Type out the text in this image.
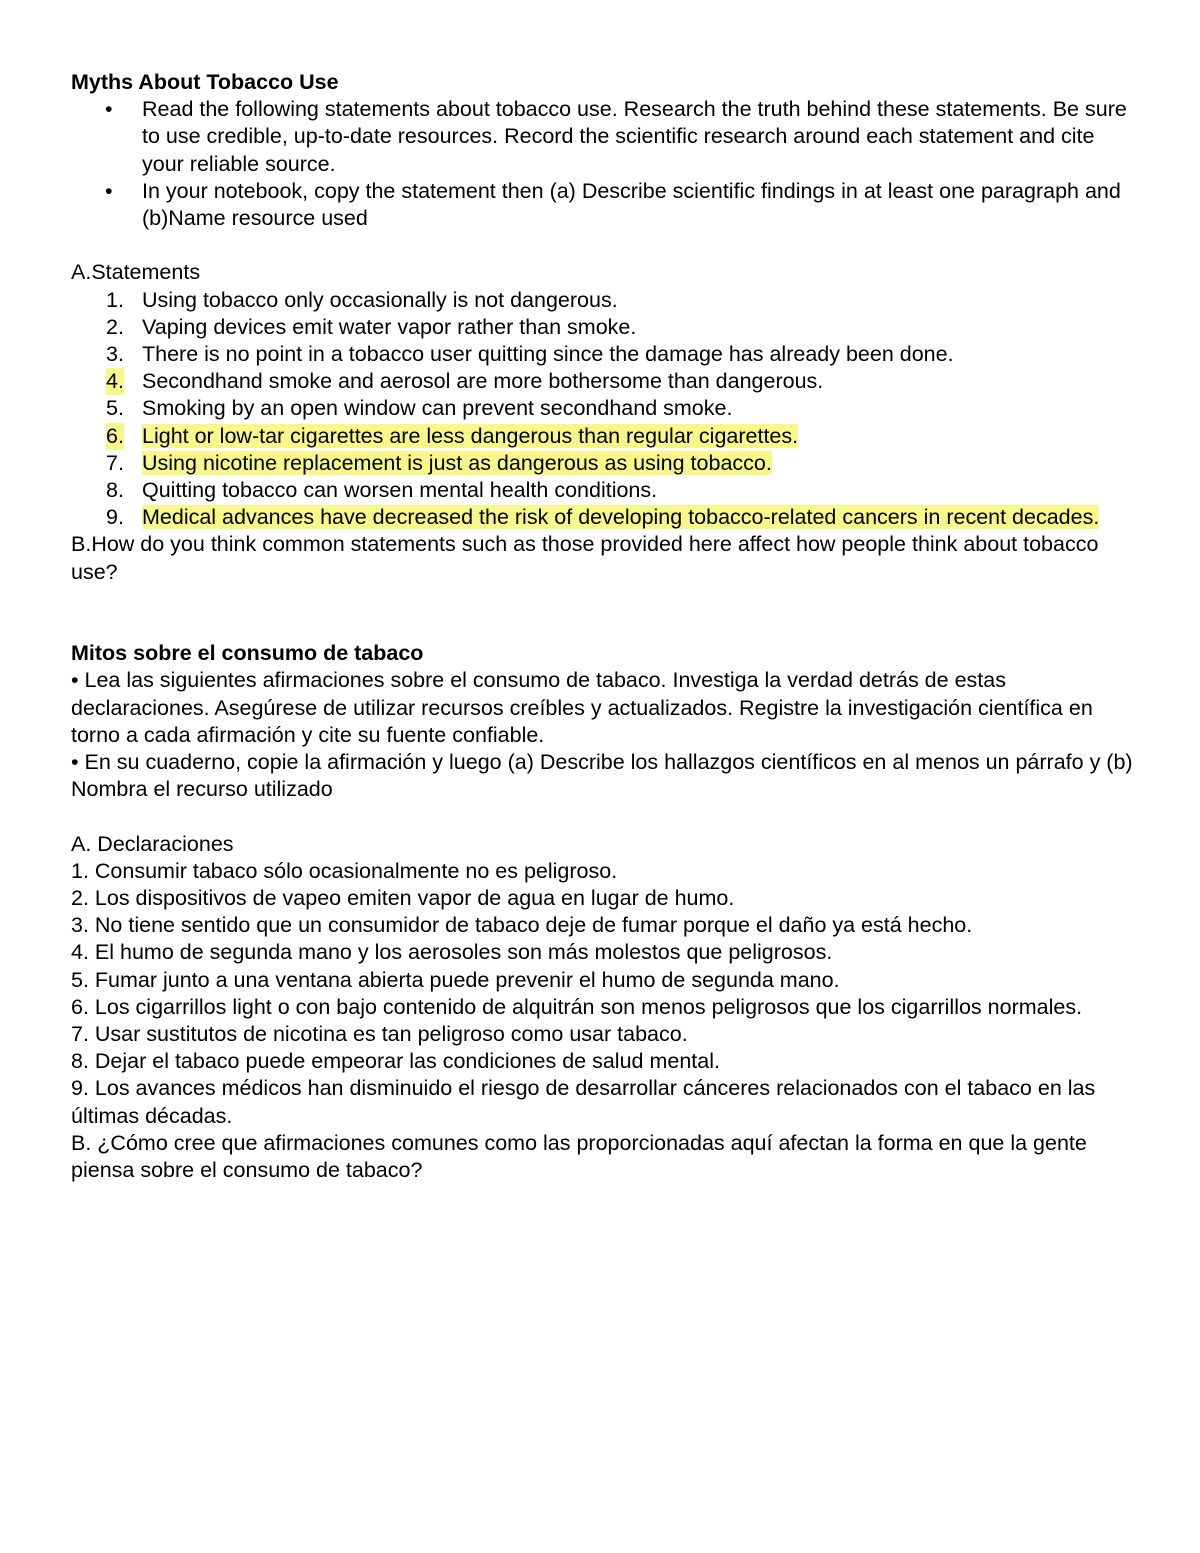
Myths About Tobacco Use

• Read the following statements about tobacco use. Research the truth behind these statements. Be sure to use credible, up-to-date resources. Record the scientific research around each statement and cite your reliable source.
• In your notebook, copy the statement then (a) Describe scientific findings in at least one paragraph and (b)Name resource used

A.Statements

1. Using tobacco only occasionally is not dangerous.
2. Vaping devices emit water vapor rather than smoke.
3. There is no point in a tobacco user quitting since the damage has already been done.
4. Secondhand smoke and aerosol are more bothersome than dangerous.
5. Smoking by an open window can prevent secondhand smoke.
6. Light or low-tar cigarettes are less dangerous than regular cigarettes.
7. Using nicotine replacement is just as dangerous as using tobacco.
8. Quitting tobacco can worsen mental health conditions.
9. Medical advances have decreased the risk of developing tobacco-related cancers in recent decades.

B.How do you think common statements such as those provided here affect how people think about tobacco use?

Mitos sobre el consumo de tabaco

• Lea las siguientes afirmaciones sobre el consumo de tabaco. Investiga la verdad detrás de estas declaraciones. Asegúrese de utilizar recursos creíbles y actualizados. Registre la investigación científica en torno a cada afirmación y cite su fuente confiable.

• En su cuaderno, copie la afirmación y luego (a) Describe los hallazgos científicos en al menos un párrafo y (b) Nombra el recurso utilizado

A. Declaraciones

1. Consumir tabaco sólo ocasionalmente no es peligroso.

2. Los dispositivos de vapeo emiten vapor de agua en lugar de humo.

3. No tiene sentido que un consumidor de tabaco deje de fumar porque el daño ya está hecho.

4. El humo de segunda mano y los aerosoles son más molestos que peligrosos.

5. Fumar junto a una ventana abierta puede prevenir el humo de segunda mano.

6. Los cigarrillos light o con bajo contenido de alquitrán son menos peligrosos que los cigarrillos normales.

7. Usar sustitutos de nicotina es tan peligroso como usar tabaco.

8. Dejar el tabaco puede empeorar las condiciones de salud mental.

9. Los avances médicos han disminuido el riesgo de desarrollar cánceres relacionados con el tabaco en las últimas décadas.

B. ¿Cómo cree que afirmaciones comunes como las proporcionadas aquí afectan la forma en que la gente piensa sobre el consumo de tabaco?
